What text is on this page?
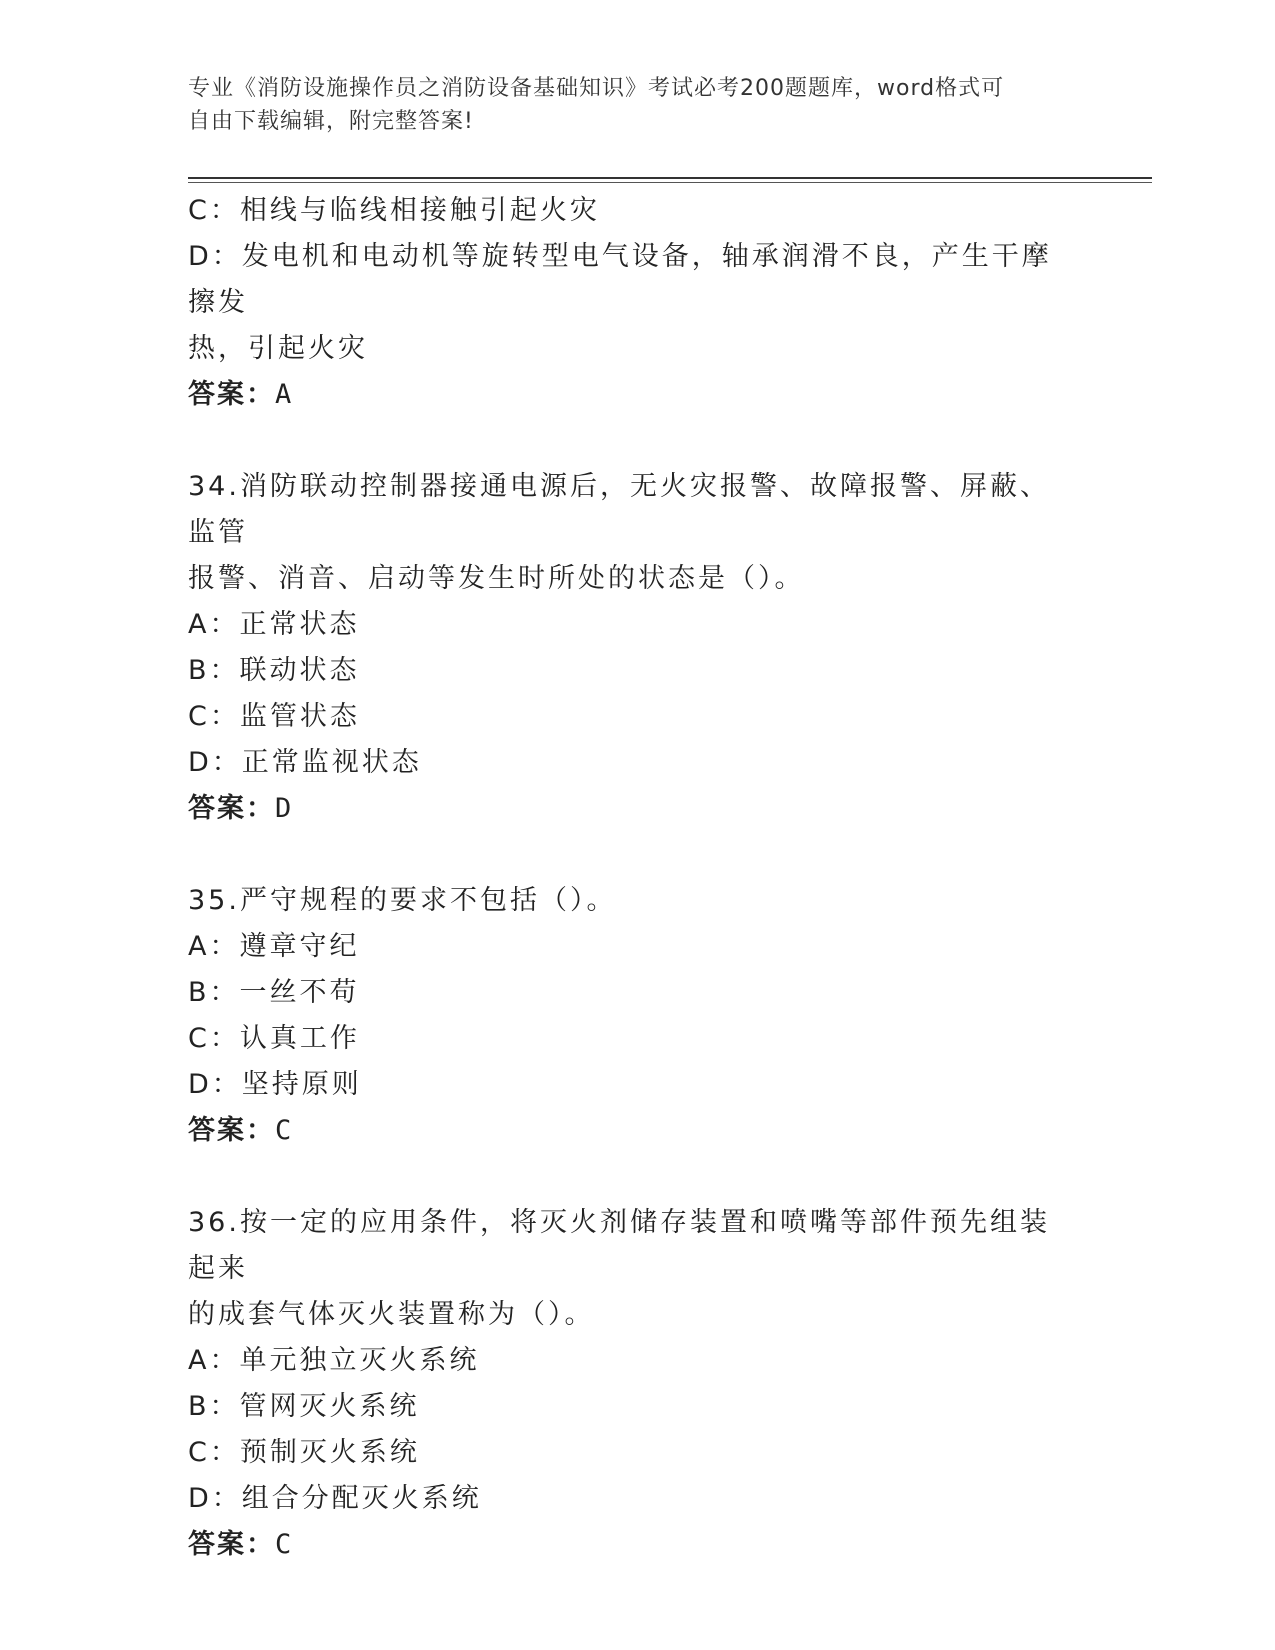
专业《消防设施操作员之消防设备基础知识》考试必考200题题库，word格式可
自由下载编辑，附完整答案!

C：相线与临线相接触引起火灾

D：发电机和电动机等旋转型电气设备，轴承润滑不良，产生干摩擦发

热，引起火灾

答案：A

34.消防联动控制器接通电源后，无火灾报警、故障报警、屏蔽、监管

报警、消音、启动等发生时所处的状态是（）。

A：正常状态

B：联动状态

C：监管状态

D：正常监视状态

答案：D

35.严守规程的要求不包括（）。

A：遵章守纪

B：一丝不苟

C：认真工作

D：坚持原则

答案：C

36.按一定的应用条件，将灭火剂储存装置和喷嘴等部件预先组装起来

的成套气体灭火装置称为（）。

A：单元独立灭火系统

B：管网灭火系统

C：预制灭火系统

D：组合分配灭火系统

答案：C
